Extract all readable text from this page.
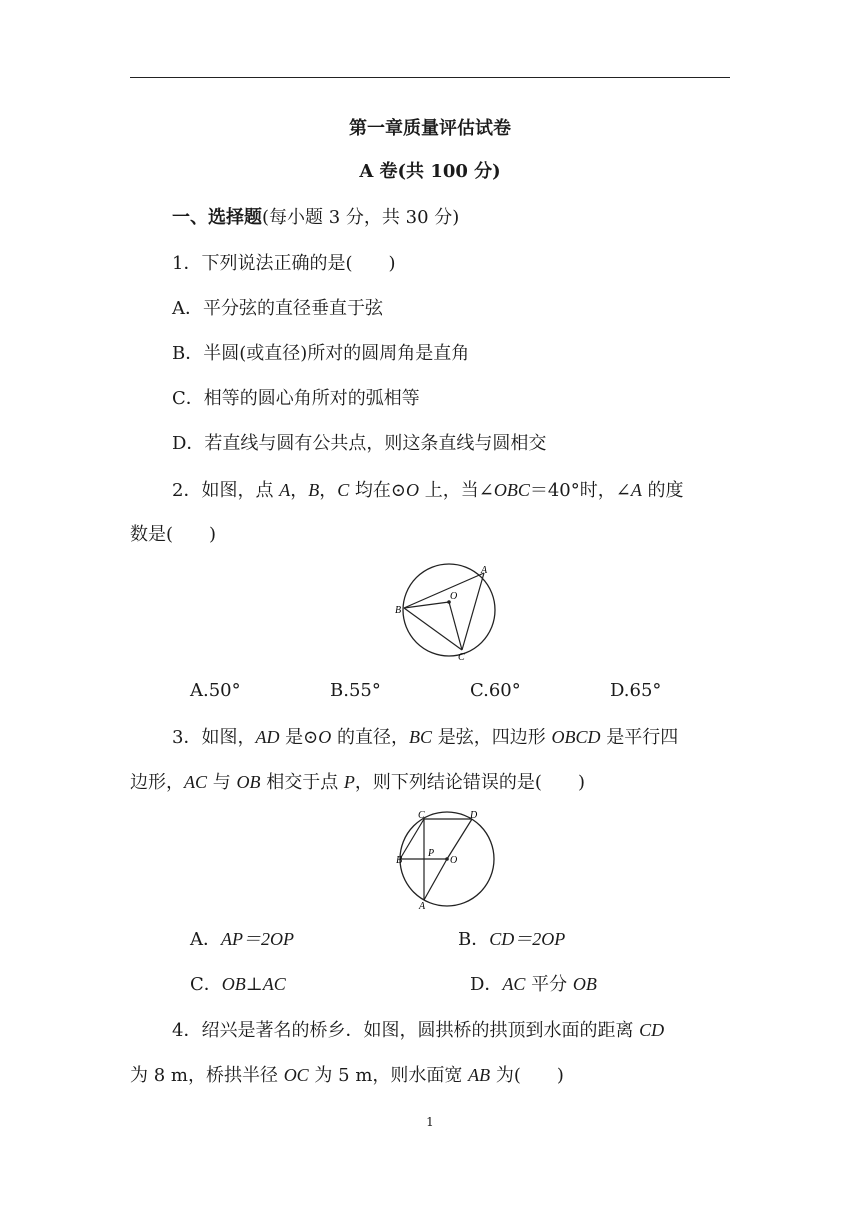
第一章质量评估试卷
A 卷(共 100 分)
一、选择题(每小题 3 分，共 30 分)
1．下列说法正确的是(　　)
A．平分弦的直径垂直于弦
B．半圆(或直径)所对的圆周角是直角
C．相等的圆心角所对的弧相等
D．若直线与圆有公共点，则这条直线与圆相交
2．如图，点 A，B，C 均在⊙O 上，当∠OBC＝40°时，∠A 的度
数是(　　)
A
B
C
O
A.50°	B.55°	C.60°	D.65°
3．如图，AD 是⊙O 的直径，BC 是弦，四边形 OBCD 是平行四
边形，AC 与 OB 相交于点 P，则下列结论错误的是(　　)
C	D
B
P
O
A
A．AP＝2OP	B．CD＝2OP
C．OB⊥AC	D．AC 平分 OB
4．绍兴是著名的桥乡．如图，圆拱桥的拱顶到水面的距离 CD
为 8 m，桥拱半径 OC 为 5 m，则水面宽 AB 为(　　)
1
